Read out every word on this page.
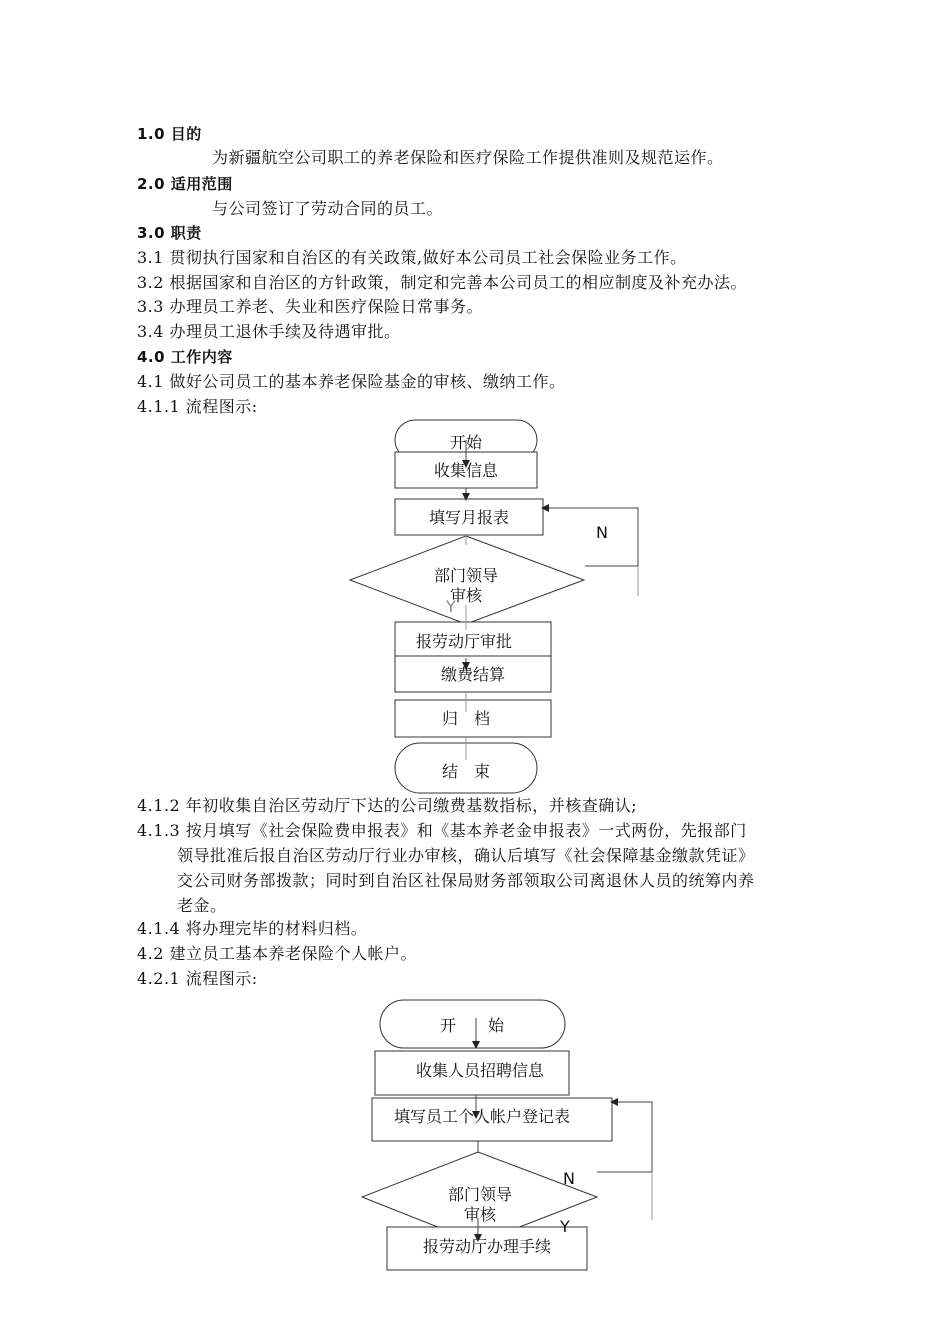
1.0 目的
为新疆航空公司职工的养老保险和医疗保险工作提供准则及规范运作。
2.0 适用范围
与公司签订了劳动合同的员工。
3.0 职责
3.1 贯彻执行国家和自治区的有关政策,做好本公司员工社会保险业务工作。
3.2 根据国家和自治区的方针政策，制定和完善本公司员工的相应制度及补充办法。
3.3 办理员工养老、失业和医疗保险日常事务。
3.4 办理员工退休手续及待遇审批。
4.0 工作内容
4.1 做好公司员工的基本养老保险基金的审核、缴纳工作。
4.1.1 流程图示:
4.1.2 年初收集自治区劳动厅下达的公司缴费基数指标，并核查确认;
4.1.3 按月填写《社会保险费申报表》和《基本养老金申报表》一式两份，先报部门
领导批准后报自治区劳动厅行业办审核，确认后填写《社会保障基金缴款凭证》
交公司财务部拨款；同时到自治区社保局财务部领取公司离退休人员的统筹内养
老金。
4.1.4 将办理完毕的材料归档。
4.2 建立员工基本养老保险个人帐户。
4.2.1 流程图示:
开始
收集信息
填写月报表
部门领导
审核
报劳动厅审批
缴费结算
归　档
结　束
N
Y
开　　始
收集人员招聘信息
填写员工个人帐户登记表
部门领导
审核
报劳动厅办理手续
N
Y
